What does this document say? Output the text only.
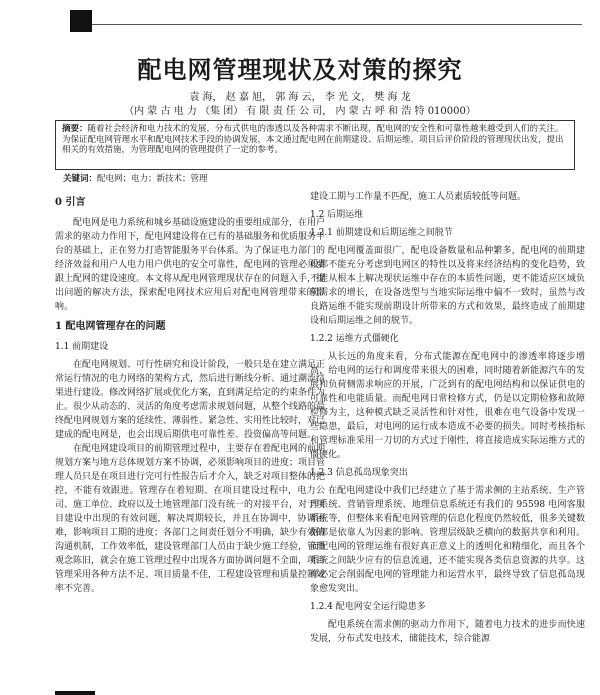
配电网管理现状及对策的探究
袁 海， 赵 嘉 旭， 郭 海 云， 李 光 文， 樊 海 龙
（内 蒙 古 电 力 （集 团） 有 限 责 任 公 司， 内 蒙 古 呼 和 浩 特 010000）
摘要：随着社会经济和电力技术的发展，分布式供电的渗透以及各种需求不断出现，配电网的安全性和可靠性越来越受到人们的关注。为保证配电网管理水平和配电网技术手段的协调发展，本文通过配电网在前期建设、后期运维、项目后评价阶段的管理现状出发，提出相关的有效措施，为管理配电网的管理提供了一定的参考。
关键词：配电网；电力；新技术；管理
0 引言

配电网是电力系统和城乡基础设施建设的重要组成部分，在用户需求的驱动力作用下，配电网建设将在已有的基础服务和优质服务平台的基础上，正在努力打造智能服务平台体系。为了保证电力部门的经济效益和用户人电力用户供电的安全可靠性，配电网的管理必须要跟上配网的建设速度。本文将从配电网管理现状存在的问题入手，提出问题的解决方法，探索配电网技术应用后对配电网管理带来的影响。

1 配电网管理存在的问题
1.1 前期建设

在配电网规划、可行性研究和设计阶段，一般只是在建立满足正常运行情况的电力网络的架构方式，然后进行断线分析、通过潮流结果进行建设。修改网络扩展或优化方案，直到满足给定的约束条件为止。很少从动态的、灵活的角度考虑需求规划问题，从整个线路的最终配电网规划方案的延续性、薄弱性、紧急性、实用性比较时，对已建成的配电网是，也会出现后期供电可靠性差、投资偏高等问题。

在配电网建设项目的前期管理过程中，主要存在着配电网的前期规划方案与地方总体规划方案不协调，必须影响项目的进度；项目管理人员只是在项目进行完可行性报告后才介入，缺乏对项目整体的把控，不能有效跟进。管理存在着短期、在项目建设过程中，电力公司、施工单位、政府以及土地管理部门没有统一的对接平台，对于项目建设中出现的有效问题，解决周期较长，并且在协调中，协调困难，影响项目工期的进度；各部门之间责任划分不明确，缺少有效的沟通机制，工作效率低，建设管理部门人员由于缺少施工经验，管理观念陈旧，就会在施工管理过程中出现各方面协调问题不全面，项目管理采用各种方法不足、项目质量不佳，工程建设管理和质量控制效率不完善。

建设工期与工作量不匹配，施工人员素质较低等问题。

1.2 后期运维
1.2.1 前期建设和后期运维之间脱节

配电网覆盖面很广，配电设备数量和品种繁多，配电网的前期建设都不能充分考虑到电网区的特性以及将来经济结构的变化趋势，致不能从根本上解决现状运维中存在的本质性问题，更不能适应区域负荷需求的增长，在设备选型与当地实际运维中偏不一致时，虽然与改良路运维不能实现前期设计所带来的方式和效果，最终造成了前期建设和后期运维之间的脱节。

1.2.2 运维方式僵硬化

从长远的角度来看，分布式能源在配电网中的渗透率将逐步增高，给电网的运行和调度带来很大的困难，同时随着新能源汽车的发展和负荷侧需求响应的开展，广泛到有的配电网结构和以保证供电的可靠性和电能质量。而配电网日常检修方式，仍是以定期检修和故障检修为主，这种模式缺乏灵活性和针对性，很难在电气设备中发现一些隐患，最后，对电网的运行成本造成不必要的损失。同时考核指标和管理标准采用一刀切的方式过于刚性，将直接造成实际运维方式的僵硬化。

1.2.3 信息孤岛现象突出

在配电网建设中我们已经建立了基于需求侧的主站系统、生产管理系统、营销管理系统、地理信息系统还有我们的 95598 电网客服系统等，但整体来看配电网管理的信息化程度仍然较低，很多关键数据都是依靠人为因素的影响。管理层级缺乏横向的数据共享和利用。而配电网的管理运维有很好真正意义上的透明化和精细化，而且各个系统之间缺少应有的信息流通，还不能实现各类信息资源的共享。这样必定会削弱配电网的管理能力和运营水平，最终导致了信息孤岛现象愈发突出。

1.2.4 配电网安全运行隐患多

配电系统在需求侧的驱动力作用下，随着电力技术的进步而快速发展，分布式发电技术，储能技术，综合能源
